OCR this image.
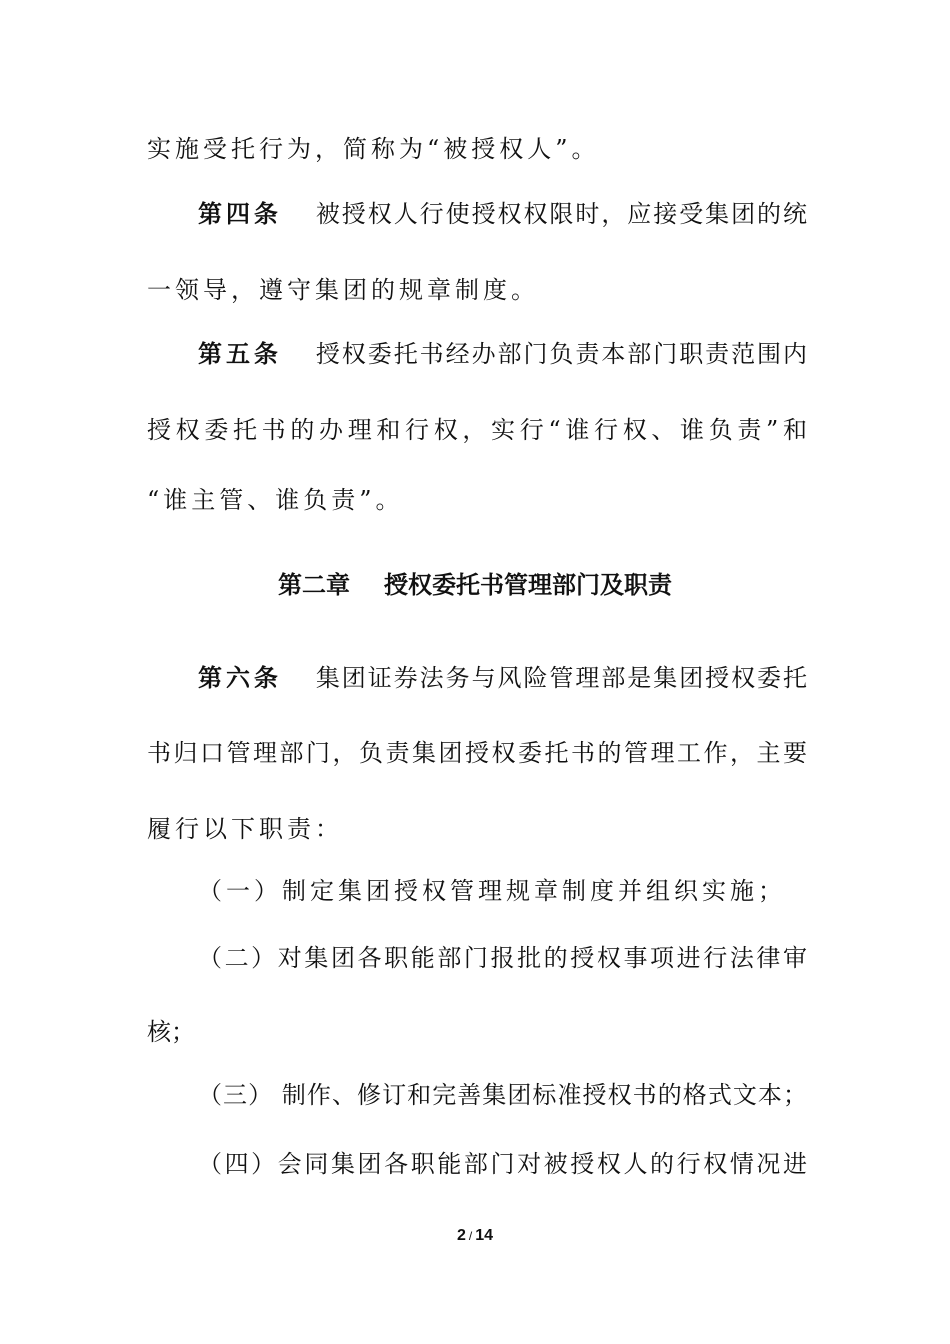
实施受托行为，简称为“被授权人”。
第四条 被授权人行使授权权限时，应接受集团的统
一领导，遵守集团的规章制度。
第五条 授权委托书经办部门负责本部门职责范围内
授权委托书的办理和行权，实行“谁行权、谁负责”和
“谁主管、谁负责”。
第二章 授权委托书管理部门及职责
第六条 集团证券法务与风险管理部是集团授权委托
书归口管理部门，负责集团授权委托书的管理工作，主要
履行以下职责：
（一）制定集团授权管理规章制度并组织实施；
（二）对集团各职能部门报批的授权事项进行法律审
核；
（三） 制作、修订和完善集团标准授权书的格式文本；
（四）会同集团各职能部门对被授权人的行权情况进
2 / 14
